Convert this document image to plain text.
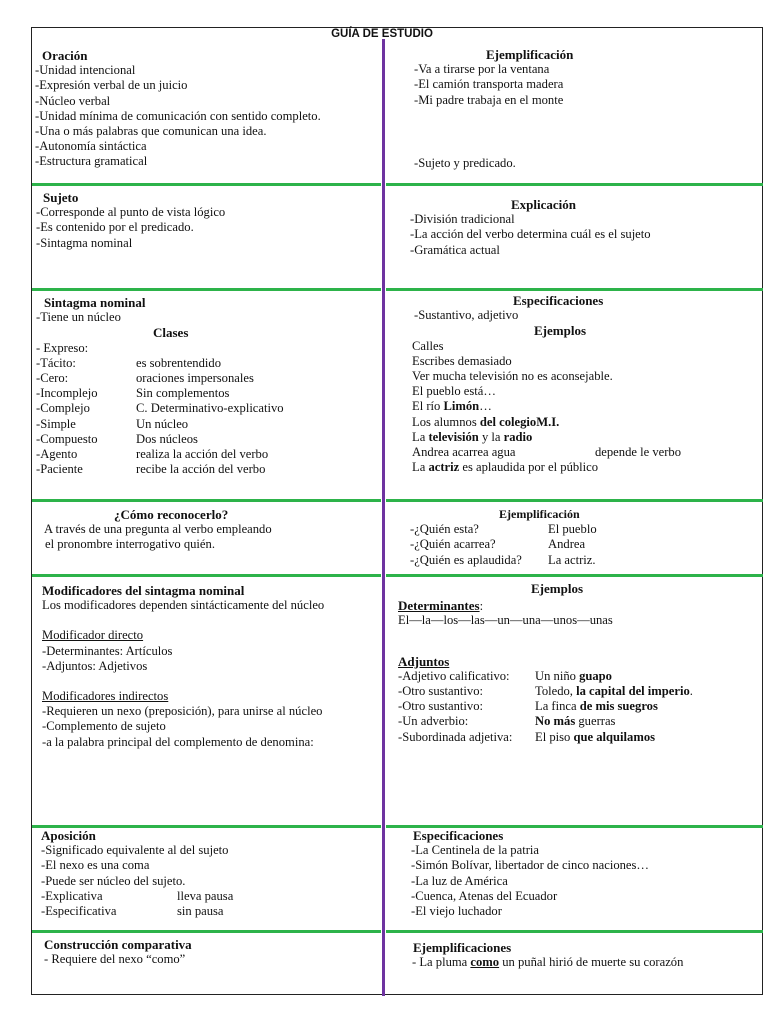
GUÍA DE ESTUDIO
Oración
-Unidad intencional
-Expresión verbal de un juicio
-Núcleo verbal
-Unidad mínima de comunicación con sentido completo.
-Una o más palabras que comunican una idea.
-Autonomía sintáctica
-Estructura gramatical
Ejemplificación
-Va a tirarse por la ventana
-El camión transporta madera
-Mi padre trabaja en el monte
-Sujeto y predicado.
Sujeto
-Corresponde al punto de vista lógico
-Es contenido por el predicado.
-Sintagma nominal
Explicación
-División tradicional
-La acción del verbo determina cuál es el sujeto
-Gramática actual
Sintagma nominal
-Tiene un núcleo
Clases
- Expreso:
-Tácito:	es sobrentendido
-Cero:	oraciones impersonales
-Incomplejo	Sin complementos
-Complejo	C. Determinativo-explicativo
-Simple	Un núcleo
-Compuesto	Dos núcleos
-Agento	realiza la acción del verbo
-Paciente	recibe la acción del verbo
Especificaciones
-Sustantivo, adjetivo
Ejemplos
Calles
Escribes demasiado
Ver mucha televisión no es aconsejable.
El pueblo está…
El río Limón…
Los alumnos del colegioM.I.
La televisión y la radio
Andrea acarrea agua	depende le verbo
La actriz es aplaudida por el público
¿Cómo reconocerlo?
A través de una pregunta al verbo empleando
el pronombre interrogativo quién.
Ejemplificación
-¿Quién esta?	El pueblo
-¿Quién acarrea?	Andrea
-¿Quién es aplaudida? La actriz.
Modificadores del sintagma nominal
Los modificadores dependen sintácticamente del núcleo
Modificador directo
-Determinantes: Artículos
-Adjuntos: Adjetivos
Modificadores indirectos
-Requieren un nexo (preposición), para unirse al núcleo
-Complemento de sujeto
-a la palabra principal del complemento de denomina:
Ejemplos
Determinantes:
El—la—los—las—un—una—unos—unas
Adjuntos
-Adjetivo calificativo: Un niño guapo
-Otro sustantivo:	Toledo, la capital del imperio.
-Otro sustantivo:	La finca de mis suegros
-Un adverbio:	No más guerras
-Subordinada adjetiva: El piso que alquilamos
Aposición
-Significado equivalente al del sujeto
-El nexo es una coma
-Puede ser núcleo del sujeto.
-Explicativa	lleva pausa
-Especificativa	sin pausa
Especificaciones
-La Centinela de la patria
-Simón Bolívar, libertador de cinco naciones…
-La luz de América
-Cuenca, Atenas del Ecuador
-El viejo luchador
Construcción comparativa
- Requiere del nexo “como”
Ejemplificaciones
- La pluma como un puñal hirió de muerte su corazón
